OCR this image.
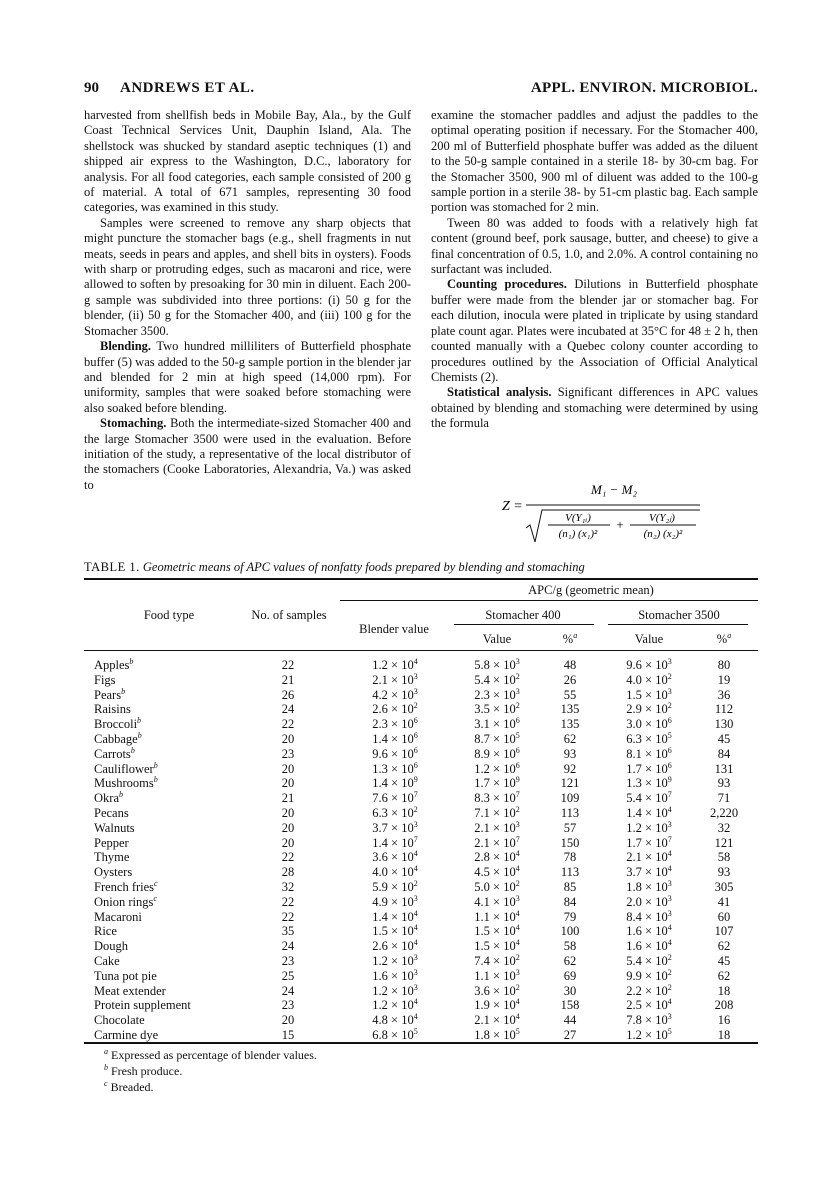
90 ANDREWS ET AL.	APPL. ENVIRON. MICROBIOL.

harvested from shellfish beds in Mobile Bay, Ala., by the Gulf Coast Technical Services Unit, Dauphin Island, Ala. The shellstock was shucked by standard aseptic techniques (1) and shipped air express to the Washington, D.C., laboratory for analysis. For all food categories, each sample consisted of 200 g of material. A total of 671 samples, representing 30 food categories, was examined in this study.

Samples were screened to remove any sharp objects that might puncture the stomacher bags (e.g., shell fragments in nut meats, seeds in pears and apples, and shell bits in oysters). Foods with sharp or protruding edges, such as macaroni and rice, were allowed to soften by presoaking for 30 min in diluent. Each 200-g sample was subdivided into three portions: (i) 50 g for the blender, (ii) 50 g for the Stomacher 400, and (iii) 100 g for the Stomacher 3500.

Blending. Two hundred milliliters of Butterfield phosphate buffer (5) was added to the 50-g sample portion in the blender jar and blended for 2 min at high speed (14,000 rpm). For uniformity, samples that were soaked before stomaching were also soaked before blending.

Stomaching. Both the intermediate-sized Stomacher 400 and the large Stomacher 3500 were used in the evaluation. Before initiation of the study, a representative of the local distributor of the stomachers (Cooke Laboratories, Alexandria, Va.) was asked to

examine the stomacher paddles and adjust the paddles to the optimal operating position if necessary. For the Stomacher 400, 200 ml of Butterfield phosphate buffer was added as the diluent to the 50-g sample contained in a sterile 18- by 30-cm bag. For the Stomacher 3500, 900 ml of diluent was added to the 100-g sample portion in a sterile 38- by 51-cm plastic bag. Each sample portion was stomached for 2 min.

Tween 80 was added to foods with a relatively high fat content (ground beef, pork sausage, butter, and cheese) to give a final concentration of 0.5, 1.0, and 2.0%. A control containing no surfactant was included.

Counting procedures. Dilutions in Butterfield phosphate buffer were made from the blender jar or stomacher bag. For each dilution, inocula were plated in triplicate by using standard plate count agar. Plates were incubated at 35°C for 48 ± 2 h, then counted manually with a Quebec colony counter according to procedures outlined by the Association of Official Analytical Chemists (2).

Statistical analysis. Significant differences in APC values obtained by blending and stomaching were determined by using the formula

Z =
M₁ − M₂
V(Y₁ᵢ)
(n₁) (x₁)²
+ V(Y₂ⱼ)
(n₂) (x₂)²
TABLE 1. Geometric means of APC values of nonfatty foods prepared by blending and stomaching
APC/g (geometric mean)
Food type	No. of samples
Blender value
Stomacher 400	Stomacher 3500
Value	%$^a$	Value	%$^a$
Apples$^b$	22	$1.2 \times 10^4$	$5.8 \times 10^3$	48	$9.6 \times 10^3$	80
Figs	21	$2.1 \times 10^3$	$5.4 \times 10^2$	26	$4.0 \times 10^2$	19
Pears$^b$	26	$4.2 \times 10^3$	$2.3 \times 10^3$	55	$1.5 \times 10^3$	36
Raisins	24	$2.6 \times 10^2$	$3.5 \times 10^2$	135	$2.9 \times 10^2$	112
Broccoli$^b$	22	$2.3 \times 10^6$	$3.1 \times 10^6$	135	$3.0 \times 10^6$	130
Cabbage$^b$	20	$1.4 \times 10^6$	$8.7 \times 10^5$	62	$6.3 \times 10^5$	45
Carrots$^b$	23	$9.6 \times 10^6$	$8.9 \times 10^6$	93	$8.1 \times 10^6$	84
Cauliflower$^b$	20	$1.3 \times 10^6$	$1.2 \times 10^6$	92	$1.7 \times 10^6$	131
Mushrooms$^b$	20	$1.4 \times 10^9$	$1.7 \times 10^9$	121	$1.3 \times 10^9$	93
Okra$^b$	21	$7.6 \times 10^7$	$8.3 \times 10^7$	109	$5.4 \times 10^7$	71
Pecans	20	$6.3 \times 10^2$	$7.1 \times 10^2$	113	$1.4 \times 10^4$	2,220
Walnuts	20	$3.7 \times 10^3$	$2.1 \times 10^3$	57	$1.2 \times 10^3$	32
Pepper	20	$1.4 \times 10^7$	$2.1 \times 10^7$	150	$1.7 \times 10^7$	121
Thyme	22	$3.6 \times 10^4$	$2.8 \times 10^4$	78	$2.1 \times 10^4$	58
Oysters	28	$4.0 \times 10^4$	$4.5 \times 10^4$	113	$3.7 \times 10^4$	93
French fries$^c$	32	$5.9 \times 10^2$	$5.0 \times 10^2$	85	$1.8 \times 10^3$	305
Onion rings$^c$	22	$4.9 \times 10^3$	$4.1 \times 10^3$	84	$2.0 \times 10^3$	41
Macaroni	22	$1.4 \times 10^4$	$1.1 \times 10^4$	79	$8.4 \times 10^3$	60
Rice	35	$1.5 \times 10^4$	$1.5 \times 10^4$	100	$1.6 \times 10^4$	107
Dough	24	$2.6 \times 10^4$	$1.5 \times 10^4$	58	$1.6 \times 10^4$	62
Cake	23	$1.2 \times 10^3$	$7.4 \times 10^2$	62	$5.4 \times 10^2$	45
Tuna pot pie	25	$1.6 \times 10^3$	$1.1 \times 10^3$	69	$9.9 \times 10^2$	62
Meat extender	24	$1.2 \times 10^3$	$3.6 \times 10^2$	30	$2.2 \times 10^2$	18
Protein supplement	23	$1.2 \times 10^4$	$1.9 \times 10^4$	158	$2.5 \times 10^4$	208
Chocolate	20	$4.8 \times 10^4$	$2.1 \times 10^4$	44	$7.8 \times 10^3$	16
Carmine dye	15	$6.8 \times 10^5$	$1.8 \times 10^5$	27	$1.2 \times 10^5$	18
$^a$ Expressed as percentage of blender values.
$^b$ Fresh produce.
$^c$ Breaded.
